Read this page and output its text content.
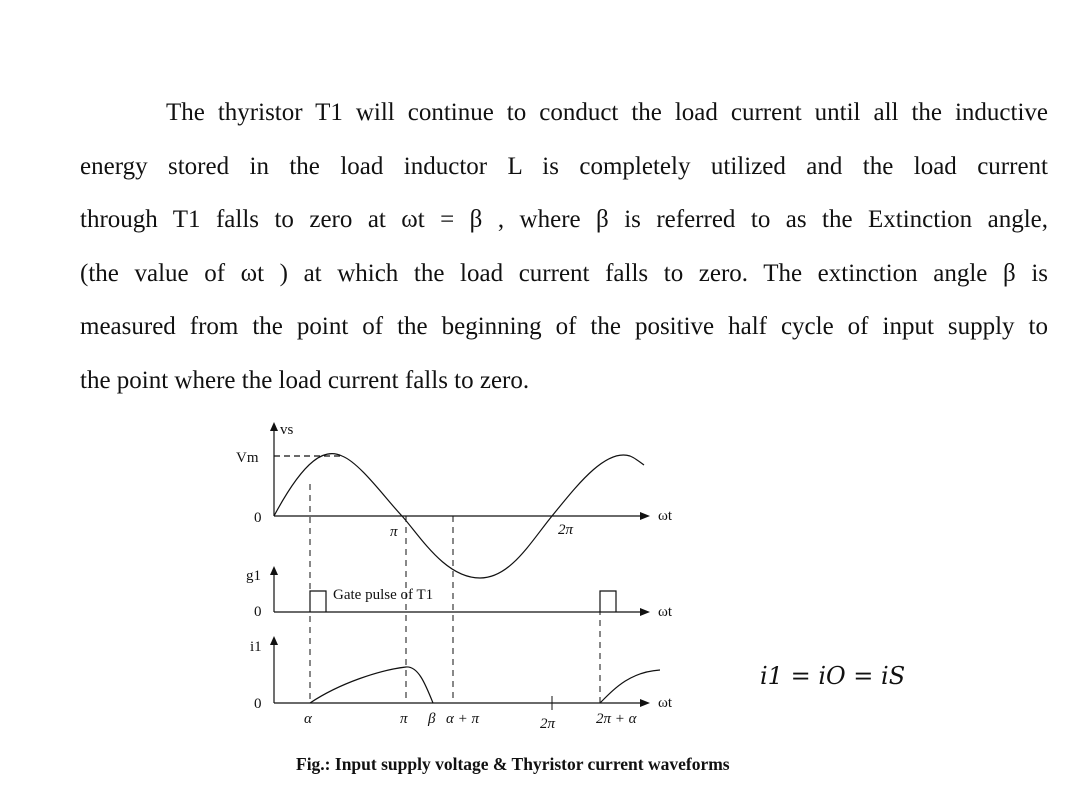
The thyristor T1 will continue to conduct the load current until all the inductive
energy stored in the load inductor L is completely utilized and the load current
through T1 falls to zero at ωt = β , where β is referred to as the Extinction angle,
(the value of ωt ) at which the load current falls to zero. The extinction angle β is
measured from the point of the beginning of the positive half cycle of input supply to
the point where the load current falls to zero.
vs
Vm
0
π	2π
ωt
g1
Gate pulse of T1
0	ωt
i1
0	ωt
α	π β α + π	2π	2π + α
i1 = iO = iS
Fig.: Input supply voltage & Thyristor current waveforms
